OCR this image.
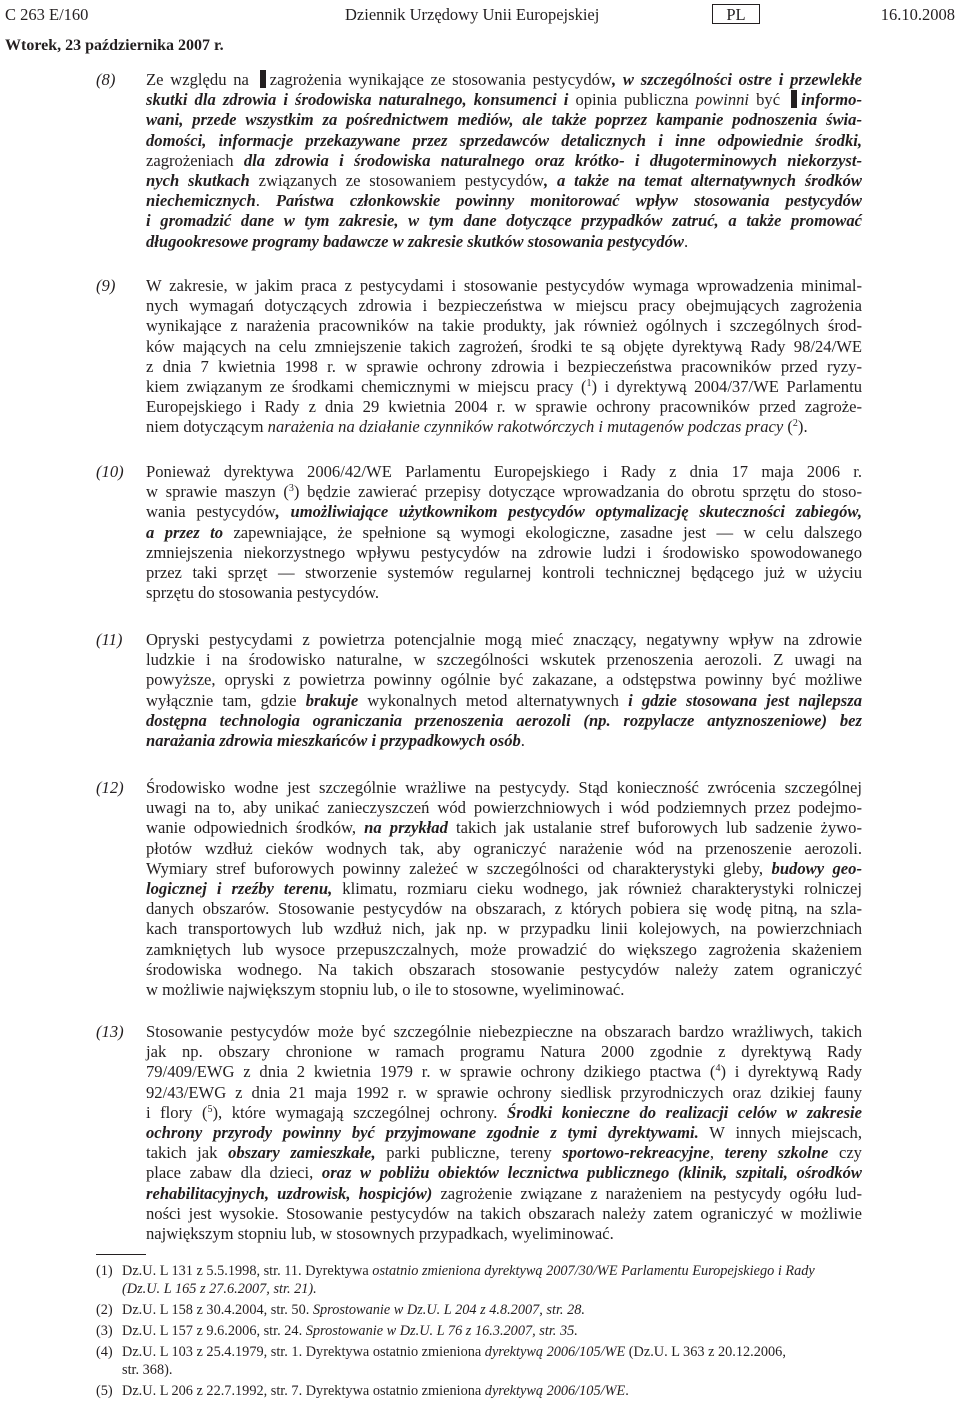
C 263 E/160	Dziennik Urzędowy Unii Europejskiej	PL	16.10.2008
Wtorek, 23 października 2007 r.
(8) Ze względu na zagrożenia wynikające ze stosowania pestycydów, w szczególności ostre i przewlekłe
skutki dla zdrowia i środowiska naturalnego, konsumenci i opinia publiczna powinni być informo-
wani, przede wszystkim za pośrednictwem mediów, ale także poprzez kampanie podnoszenia świa-
domości, informacje przekazywane przez sprzedawców detalicznych i inne odpowiednie środki,
zagrożeniach dla zdrowia i środowiska naturalnego oraz krótko- i długoterminowych niekorzyst-
nych skutkach związanych ze stosowaniem pestycydów, a także na temat alternatywnych środków
niechemicznych. Państwa członkowskie powinny monitorować wpływ stosowania pestycydów
i gromadzić dane w tym zakresie, w tym dane dotyczące przypadków zatruć, a także promować
długookresowe programy badawcze w zakresie skutków stosowania pestycydów.
(9) W zakresie, w jakim praca z pestycydami i stosowanie pestycydów wymaga wprowadzenia minimal-
nych wymagań dotyczących zdrowia i bezpieczeństwa w miejscu pracy obejmujących zagrożenia
wynikające z narażenia pracowników na takie produkty, jak również ogólnych i szczególnych środ-
ków mających na celu zmniejszenie takich zagrożeń, środki te są objęte dyrektywą Rady 98/24/WE
z dnia 7 kwietnia 1998 r. w sprawie ochrony zdrowia i bezpieczeństwa pracowników przed ryzy-
kiem związanym ze środkami chemicznymi w miejscu pracy ($^1$) i dyrektywą 2004/37/WE Parlamentu
Europejskiego i Rady z dnia 29 kwietnia 2004 r. w sprawie ochrony pracowników przed zagroże-
niem dotyczącym narażenia na działanie czynników rakotwórczych i mutagenów podczas pracy ($^2$).
(10) Ponieważ dyrektywa 2006/42/WE Parlamentu Europejskiego i Rady z dnia 17 maja 2006 r.
w sprawie maszyn ($^3$) będzie zawierać przepisy dotyczące wprowadzania do obrotu sprzętu do stoso-
wania pestycydów, umożliwiające użytkownikom pestycydów optymalizację skuteczności zabiegów,
a przez to zapewniające, że spełnione są wymogi ekologiczne, zasadne jest — w celu dalszego
zmniejszenia niekorzystnego wpływu pestycydów na zdrowie ludzi i środowisko spowodowanego
przez taki sprzęt — stworzenie systemów regularnej kontroli technicznej będącego już w użyciu
sprzętu do stosowania pestycydów.
(11) Opryski pestycydami z powietrza potencjalnie mogą mieć znaczący, negatywny wpływ na zdrowie
ludzkie i na środowisko naturalne, w szczególności wskutek przenoszenia aerozoli. Z uwagi na
powyższe, opryski z powietrza powinny ogólnie być zakazane, a odstępstwa powinny być możliwe
wyłącznie tam, gdzie brakuje wykonalnych metod alternatywnych i gdzie stosowana jest najlepsza
dostępna technologia ograniczania przenoszenia aerozoli (np. rozpylacze antyznoszeniowe) bez
narażania zdrowia mieszkańców i przypadkowych osób.
(12) Środowisko wodne jest szczególnie wrażliwe na pestycydy. Stąd konieczność zwrócenia szczególnej
uwagi na to, aby unikać zanieczyszczeń wód powierzchniowych i wód podziemnych przez podejmo-
wanie odpowiednich środków, na przykład takich jak ustalanie stref buforowych lub sadzenie żywo-
płotów wzdłuż cieków wodnych tak, aby ograniczyć narażenie wód na przenoszenie aerozoli.
Wymiary stref buforowych powinny zależeć w szczególności od charakterystyki gleby, budowy geo-
logicznej i rzeźby terenu, klimatu, rozmiaru cieku wodnego, jak również charakterystyki rolniczej
danych obszarów. Stosowanie pestycydów na obszarach, z których pobiera się wodę pitną, na szla-
kach transportowych lub wzdłuż nich, jak np. w przypadku linii kolejowych, na powierzchniach
zamkniętych lub wysoce przepuszczalnych, może prowadzić do większego zagrożenia skażeniem
środowiska wodnego. Na takich obszarach stosowanie pestycydów należy zatem ograniczyć
w możliwie największym stopniu lub, o ile to stosowne, wyeliminować.
(13) Stosowanie pestycydów może być szczególnie niebezpieczne na obszarach bardzo wrażliwych, takich
jak np. obszary chronione w ramach programu Natura 2000 zgodnie z dyrektywą Rady
79/409/EWG z dnia 2 kwietnia 1979 r. w sprawie ochrony dzikiego ptactwa ($^4$) i dyrektywą Rady
92/43/EWG z dnia 21 maja 1992 r. w sprawie ochrony siedlisk przyrodniczych oraz dzikiej fauny
i flory ($^5$), które wymagają szczególnej ochrony. Środki konieczne do realizacji celów w zakresie
ochrony przyrody powinny być przyjmowane zgodnie z tymi dyrektywami. W innych miejscach,
takich jak obszary zamieszkałe, parki publiczne, tereny sportowo-rekreacyjne, tereny szkolne czy
place zabaw dla dzieci, oraz w pobliżu obiektów lecznictwa publicznego (klinik, szpitali, ośrodków
rehabilitacyjnych, uzdrowisk, hospicjów) zagrożenie związane z narażeniem na pestycydy ogółu lud-
ności jest wysokie. Stosowanie pestycydów na takich obszarach należy zatem ograniczyć w możliwie
największym stopniu lub, w stosownych przypadkach, wyeliminować.
(1) Dz.U. L 131 z 5.5.1998, str. 11. Dyrektywa ostatnio zmieniona dyrektywą 2007/30/WE Parlamentu Europejskiego i Rady
(Dz.U. L 165 z 27.6.2007, str. 21).
(2) Dz.U. L 158 z 30.4.2004, str. 50. Sprostowanie w Dz.U. L 204 z 4.8.2007, str. 28.
(3) Dz.U. L 157 z 9.6.2006, str. 24. Sprostowanie w Dz.U. L 76 z 16.3.2007, str. 35.
(4) Dz.U. L 103 z 25.4.1979, str. 1. Dyrektywa ostatnio zmieniona dyrektywą 2006/105/WE (Dz.U. L 363 z 20.12.2006,
str. 368).
(5) Dz.U. L 206 z 22.7.1992, str. 7. Dyrektywa ostatnio zmieniona dyrektywą 2006/105/WE.
